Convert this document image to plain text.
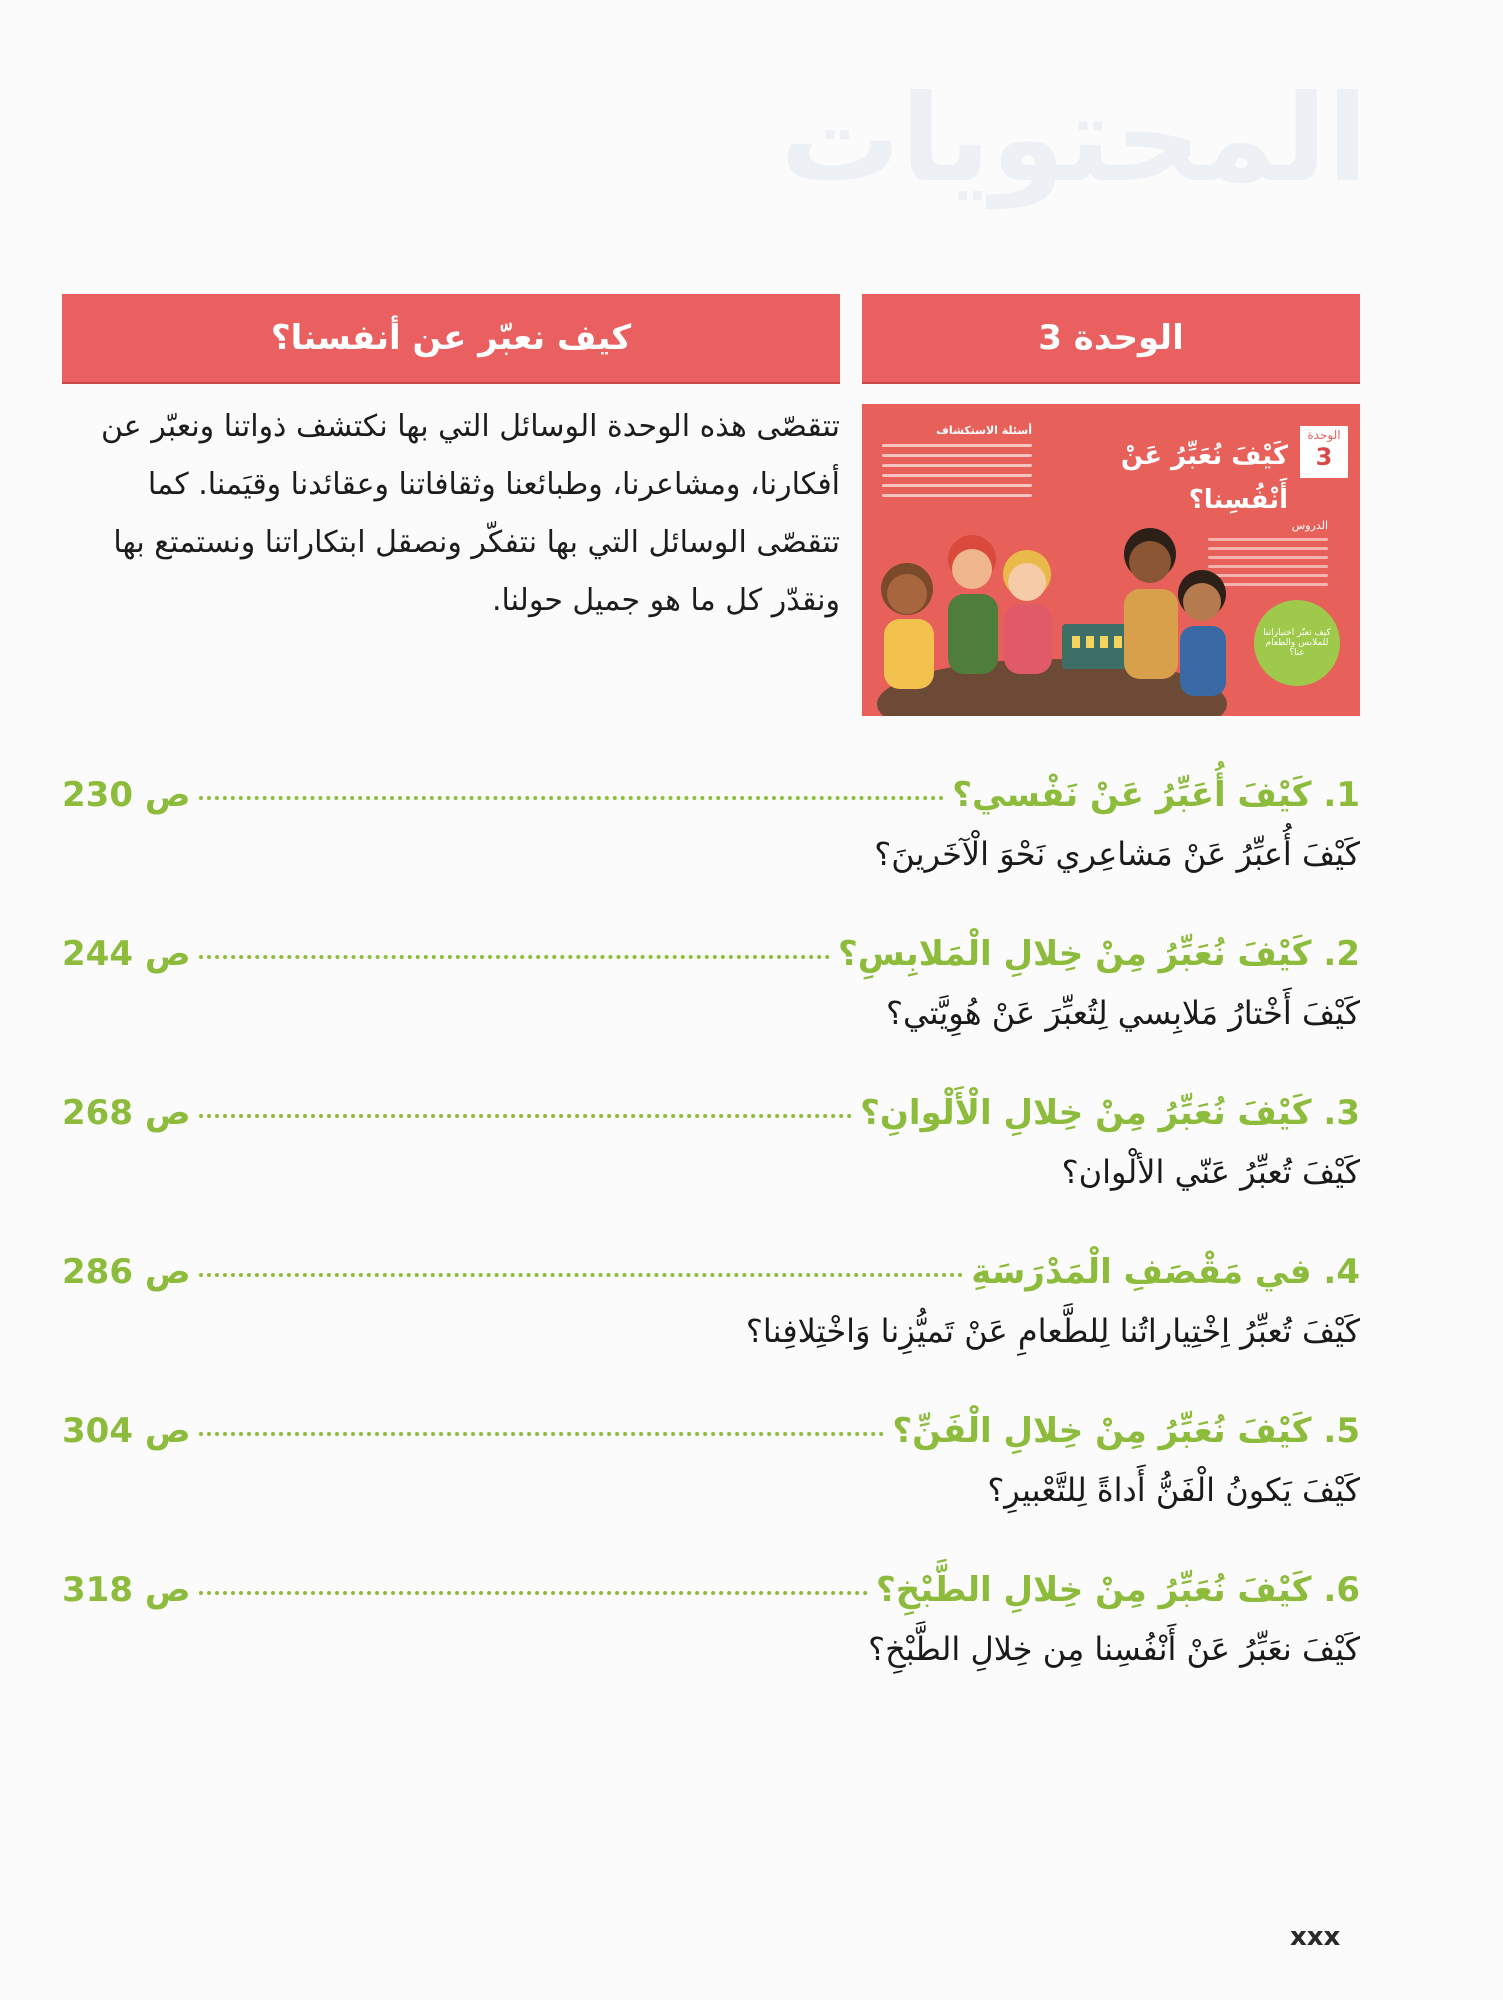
المحتويات
كيف نعبّر عن أنفسنا؟	الوحدة 3
تتقصّى هذه الوحدة الوسائل التي بها نكتشف ذواتنا ونعبّر عن أفكارنا، ومشاعرنا، وطبائعنا وثقافاتنا وعقائدنا وقيَمنا. كما تتقصّى الوسائل التي بها نتفكّر ونصقل ابتكاراتنا ونستمتع بها ونقدّر كل ما هو جميل حولنا.
الوحدة
3
كَيْفَ نُعَبِّرُ عَنْ أَنْفُسِنا؟
أسئلة الاستكشاف
الدروس
كيف تعبّر اختياراتنا للملابس والطعام عنا؟
1. كَيْفَ أُعَبِّرُ عَنْ نَفْسي؟
ص 230
كَيْفَ أُعبِّرُ عَنْ مَشاعِري نَحْوَ الْآخَرينَ؟
2. كَيْفَ نُعَبِّرُ مِنْ خِلالِ الْمَلابِسِ؟
ص 244
كَيْفَ أَخْتارُ مَلابِسي لِتُعبِّرَ عَنْ هُوِيَّتي؟
3. كَيْفَ نُعَبِّرُ مِنْ خِلالِ الْأَلْوانِ؟
ص 268
كَيْفَ تُعبِّرُ عَنّي الألْوان؟
4. في مَقْصَفِ الْمَدْرَسَةِ
ص 286
كَيْفَ تُعبِّرُ اِخْتِياراتُنا لِلطَّعامِ عَنْ تَميُّزِنا وَاخْتِلافِنا؟
5. كَيْفَ نُعَبِّرُ مِنْ خِلالِ الْفَنِّ؟
ص 304
كَيْفَ يَكونُ الْفَنُّ أَداةً لِلتَّعْبيرِ؟
6. كَيْفَ نُعَبِّرُ مِنْ خِلالِ الطَّبْخِ؟
ص 318
كَيْفَ نعَبِّرُ عَنْ أَنْفُسِنا مِن خِلالِ الطَّبْخِ؟
xxx
